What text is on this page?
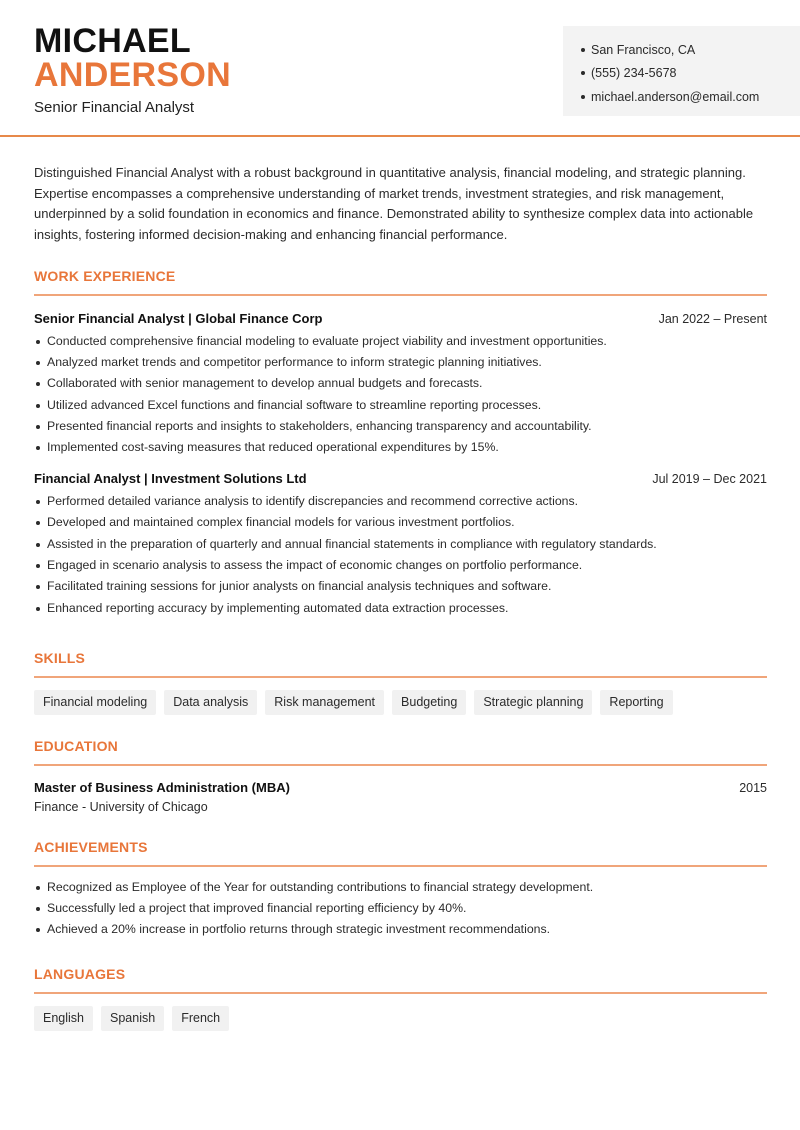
MICHAEL
ANDERSON
Senior Financial Analyst
San Francisco, CA
(555) 234-5678
michael.anderson@email.com

Distinguished Financial Analyst with a robust background in quantitative analysis, financial modeling, and strategic planning. Expertise encompasses a comprehensive understanding of market trends, investment strategies, and risk management, underpinned by a solid foundation in economics and finance. Demonstrated ability to synthesize complex data into actionable insights, fostering informed decision-making and enhancing financial performance.

WORK EXPERIENCE
Senior Financial Analyst | Global Finance Corp	Jan 2022 – Present
Conducted comprehensive financial modeling to evaluate project viability and investment opportunities.
Analyzed market trends and competitor performance to inform strategic planning initiatives.
Collaborated with senior management to develop annual budgets and forecasts.
Utilized advanced Excel functions and financial software to streamline reporting processes.
Presented financial reports and insights to stakeholders, enhancing transparency and accountability.
Implemented cost-saving measures that reduced operational expenditures by 15%.
Financial Analyst | Investment Solutions Ltd	Jul 2019 – Dec 2021
Performed detailed variance analysis to identify discrepancies and recommend corrective actions.
Developed and maintained complex financial models for various investment portfolios.
Assisted in the preparation of quarterly and annual financial statements in compliance with regulatory standards.
Engaged in scenario analysis to assess the impact of economic changes on portfolio performance.
Facilitated training sessions for junior analysts on financial analysis techniques and software.
Enhanced reporting accuracy by implementing automated data extraction processes.
SKILLS
Financial modeling	Data analysis	Risk management	Budgeting	Strategic planning	Reporting
EDUCATION
Master of Business Administration (MBA)	2015
Finance - University of Chicago
ACHIEVEMENTS
Recognized as Employee of the Year for outstanding contributions to financial strategy development.
Successfully led a project that improved financial reporting efficiency by 40%.
Achieved a 20% increase in portfolio returns through strategic investment recommendations.
LANGUAGES
English	Spanish	French
